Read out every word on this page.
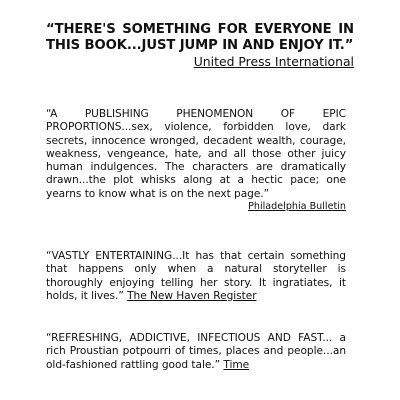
“THERE'S SOMETHING FOR EVERYONE IN THIS BOOK...JUST JUMP IN AND ENJOY IT.”

United Press International

“A PUBLISHING PHENOMENON OF EPIC PROPORTIONS...sex, violence, forbidden love, dark secrets, innocence wronged, decadent wealth, courage, weakness, vengeance, hate, and all those other juicy human indulgences. The characters are dramatically drawn...the plot whisks along at a hectic pace; one yearns to know what is on the next page.”

Philadelphia Bulletin

“VASTLY ENTERTAINING...It has that certain something that happens only when a natural storyteller is thoroughly enjoying telling her story. It ingratiates, it holds, it lives.” The New Haven Register

“REFRESHING, ADDICTIVE, INFECTIOUS AND FAST... a rich Proustian potpourri of times, places and people...an old-fashioned rattling good tale.” Time
